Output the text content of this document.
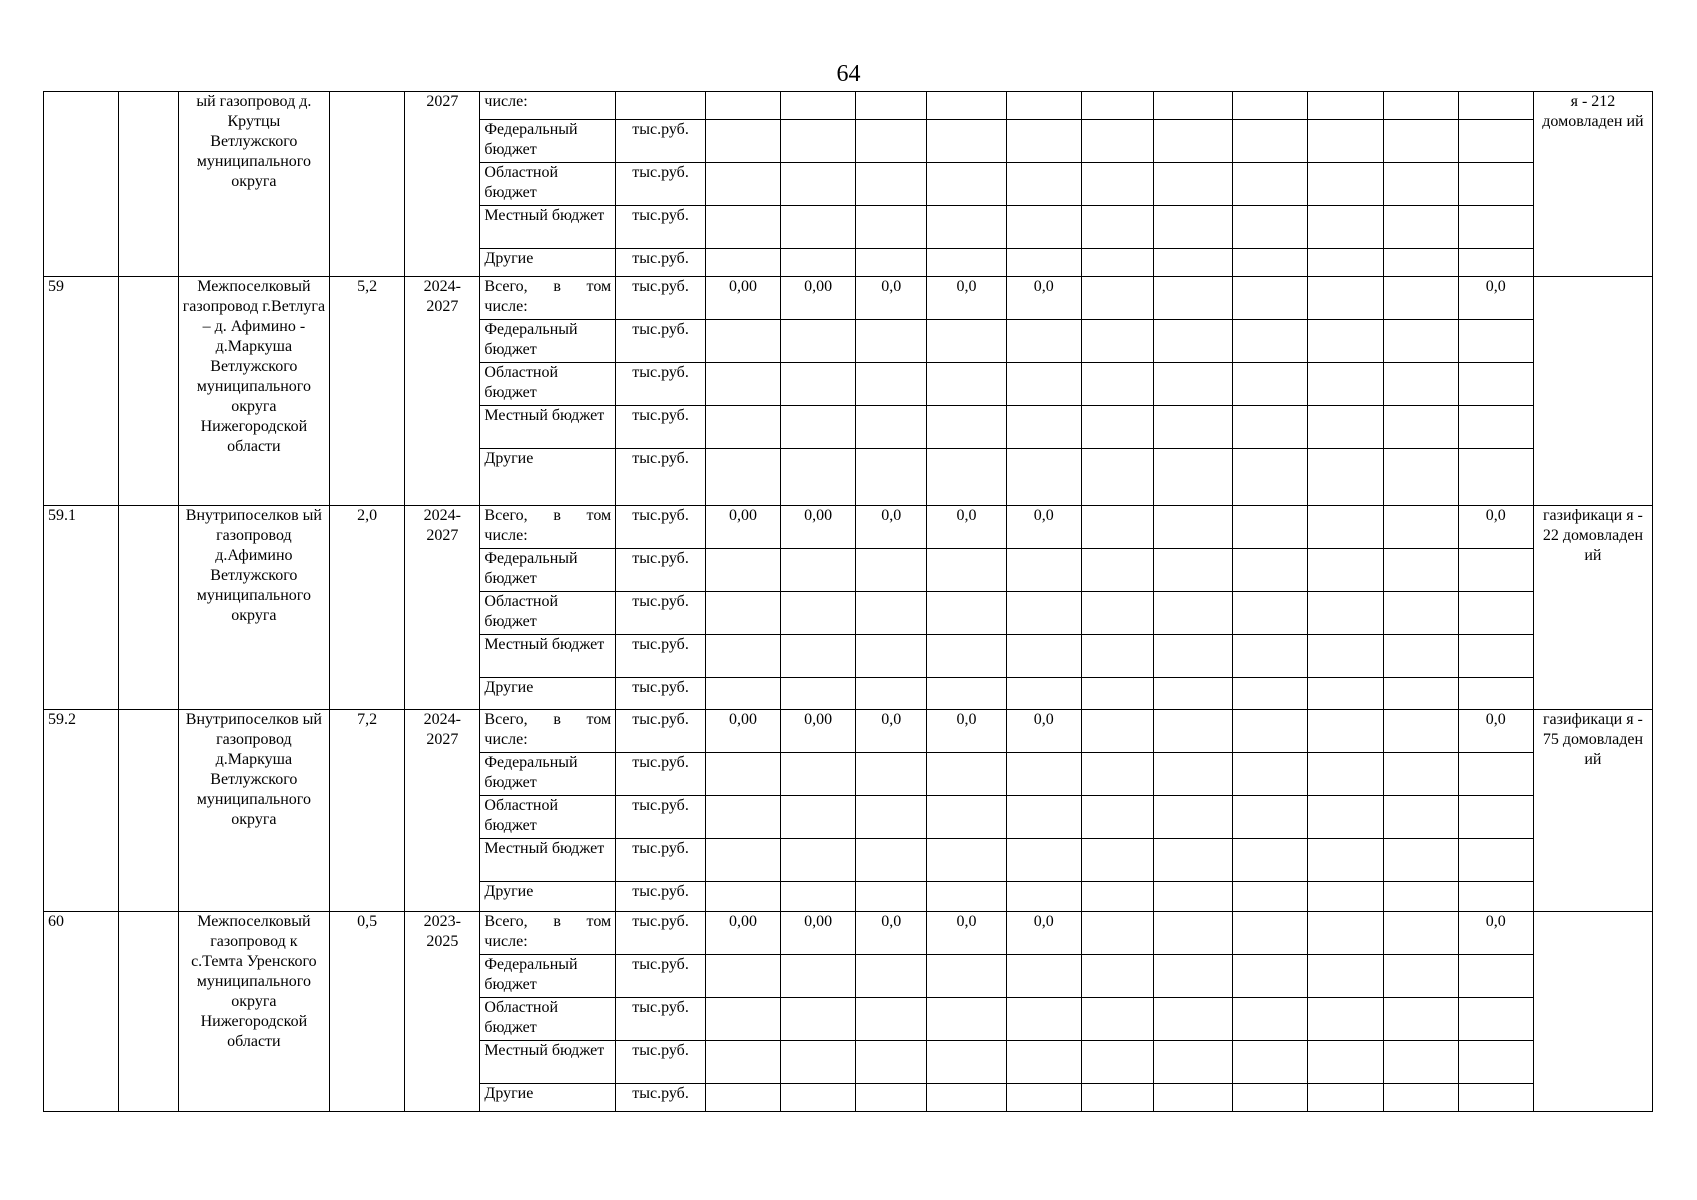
64
		ый газопровод д. Крутцы Ветлужского муниципального округа		2027	числе:													я - 212 домовладен ий
					Федеральный бюджет	тыс.руб.												
					Областной бюджет	тыс.руб.												
					Местный бюджет	тыс.руб.												
					Другие	тыс.руб.												
59		Межпоселковый газопровод г.Ветлуга – д. Афимино - д.Маркуша Ветлужского муниципального округа Нижегородской области	5,2	2024-2027	Всего, в том числе:	тыс.руб.	0,00	0,00	0,0	0,0	0,0						0,0	
					Федеральный бюджет	тыс.руб.												
					Областной бюджет	тыс.руб.												
					Местный бюджет	тыс.руб.												
					Другие	тыс.руб.												
59.1		Внутрипоселков ый газопровод д.Афимино Ветлужского муниципального округа	2,0	2024-2027	Всего, в том числе:	тыс.руб.	0,00	0,00	0,0	0,0	0,0						0,0	газификаци я - 22 домовладен ий
					Федеральный бюджет	тыс.руб.												
					Областной бюджет	тыс.руб.												
					Местный бюджет	тыс.руб.												
					Другие	тыс.руб.												
59.2		Внутрипоселков ый газопровод д.Маркуша Ветлужского муниципального округа	7,2	2024-2027	Всего, в том числе:	тыс.руб.	0,00	0,00	0,0	0,0	0,0						0,0	газификаци я - 75 домовладен ий
					Федеральный бюджет	тыс.руб.												
					Областной бюджет	тыс.руб.												
					Местный бюджет	тыс.руб.												
					Другие	тыс.руб.												
60		Межпоселковый газопровод к с.Темта Уренского муниципального округа Нижегородской области	0,5	2023-2025	Всего, в том числе:	тыс.руб.	0,00	0,00	0,0	0,0	0,0						0,0	
					Федеральный бюджет	тыс.руб.												
					Областной бюджет	тыс.руб.												
					Местный бюджет	тыс.руб.												
					Другие	тыс.руб.												
